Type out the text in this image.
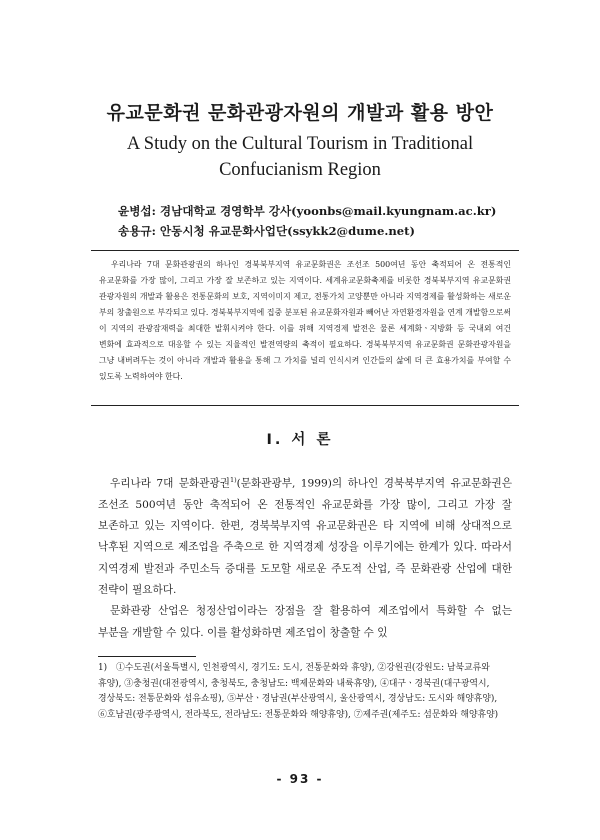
유교문화권 문화관광자원의 개발과 활용 방안
A Study on the Cultural Tourism in Traditional
Confucianism Region
윤병섭: 경남대학교 경영학부 강사(yoonbs@mail.kyungnam.ac.kr)
송용규: 안동시청 유교문화사업단(ssykk2@dume.net)
우리나라 7대 문화관광권의 하나인 경북북부지역 유교문화권은 조선조 500여년 동안 축적되어 온 전통적인 유교문화를 가장 많이, 그리고 가장 잘 보존하고 있는 지역이다. 세계유교문화축제를 비롯한 경북북부지역 유교문화권 관광자원의 개발과 활용은 전통문화의 보호, 지역이미지 제고, 전통가치 고양뿐만 아니라 지역경제를 활성화하는 새로운 부의 창출원으로 부각되고 있다. 경북북부지역에 집중 분포된 유교문화자원과 빼어난 자연환경자원을 연계 개발함으로써 이 지역의 관광잠재력을 최대한 발휘시켜야 한다. 이를 위해 지역경제 발전은 물론 세계화ㆍ지방화 등 국내외 여건 변화에 효과적으로 대응할 수 있는 지율적인 발전역량의 축적이 필요하다. 경북북부지역 유교문화권 문화관광자원을 그냥 내버려두는 것이 아니라 개발과 활용을 통해 그 가치를 널리 인식시켜 인간들의 삶에 더 큰 효용가치를 부여할 수 있도록 노력하여야 한다.
Ⅰ. 서 론

우리나라 7대 문화관광권$^{1)}$(문화관광부, 1999)의 하나인 경북북부지역 유교문화권은 조선조 500여년 동안 축적되어 온 전통적인 유교문화를 가장 많이, 그리고 가장 잘 보존하고 있는 지역이다. 한편, 경북북부지역 유교문화권은 타 지역에 비해 상대적으로 낙후된 지역으로 제조업을 주축으로 한 지역경제 성장을 이루기에는 한계가 있다. 따라서 지역경제 발전과 주민소득 증대를 도모할 새로운 주도적 산업, 즉 문화관광 산업에 대한 전략이 필요하다.

문화관광 산업은 청정산업이라는 장점을 잘 활용하여 제조업에서 특화할 수 없는 부분을 개발할 수 있다. 이를 활성화하면 제조업이 창출할 수 있

1) ①수도권(서울특별시, 인천광역시, 경기도: 도시, 전통문화와 휴양), ②강원권(강원도: 남북교류와 휴양), ③충청권(대전광역시, 충청북도, 충청남도: 백제문화와 내륙휴양), ④대구ㆍ경북권(대구광역시, 경상북도: 전통문화와 섬유쇼핑), ⑤부산ㆍ경남권(부산광역시, 울산광역시, 경상남도: 도시와 해양휴양), ⑥호남권(광주광역시, 전라북도, 전라남도: 전통문화와 해양휴양), ⑦제주권(제주도: 섬문화와 해양휴양)
- 93 -
